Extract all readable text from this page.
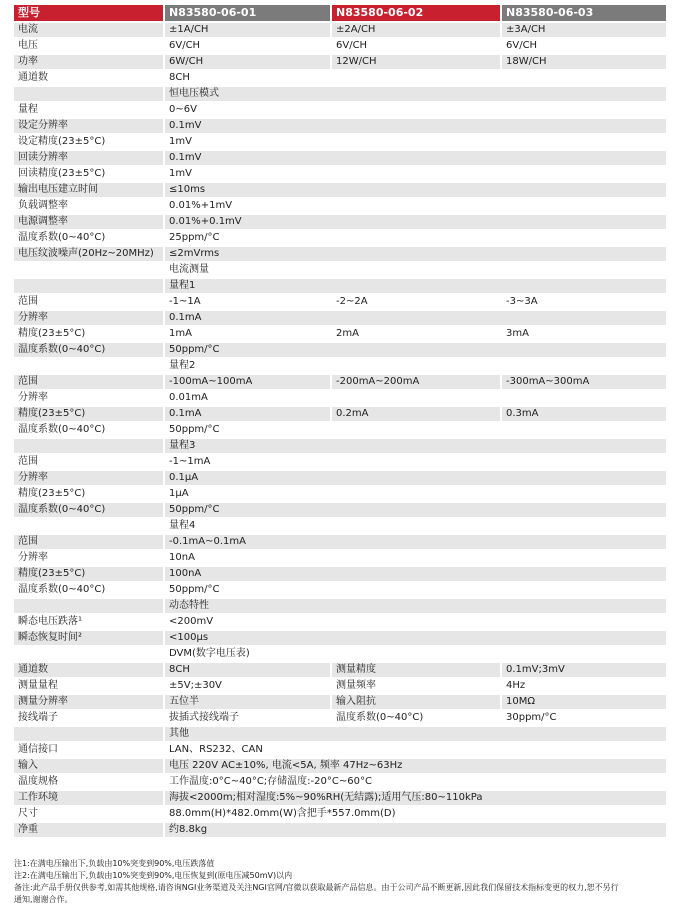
型号	N83580-06-01	N83580-06-02	N83580-06-03
电流	±1A/CH	±2A/CH	±3A/CH
电压	6V/CH	6V/CH	6V/CH
功率	6W/CH	12W/CH	18W/CH
通道数	8CH		
	恒电压模式		
量程	0~6V		
设定分辨率	0.1mV		
设定精度(23±5°C)	1mV		
回读分辨率	0.1mV		
回读精度(23±5°C)	1mV		
输出电压建立时间	≤10ms		
负载调整率	0.01%+1mV		
电源调整率	0.01%+0.1mV		
温度系数(0~40°C)	25ppm/°C		
电压纹波噪声(20Hz~20MHz)	≤2mVrms		
	电流测量		
	量程1		
范围	-1~1A	-2~2A	-3~3A
分辨率	0.1mA		
精度(23±5°C)	1mA	2mA	3mA
温度系数(0~40°C)	50ppm/°C		
	量程2		
范围	-100mA~100mA	-200mA~200mA	-300mA~300mA
分辨率	0.01mA		
精度(23±5°C)	0.1mA	0.2mA	0.3mA
温度系数(0~40°C)	50ppm/°C		
	量程3		
范围	-1~1mA		
分辨率	0.1μA		
精度(23±5°C)	1μA		
温度系数(0~40°C)	50ppm/°C		
	量程4		
范围	-0.1mA~0.1mA		
分辨率	10nA		
精度(23±5°C)	100nA		
温度系数(0~40°C)	50ppm/°C		
	动态特性		
瞬态电压跌落¹	<200mV		
瞬态恢复时间²	<100μs		
	DVM(数字电压表)		
通道数	8CH	测量精度	0.1mV;3mV
测量量程	±5V;±30V	测量频率	4Hz
测量分辨率	五位半	输入阻抗	10MΩ
接线端子	拔插式接线端子	温度系数(0~40°C)	30ppm/°C
	其他		
通信接口	LAN、RS232、CAN		
输入	电压 220V AC±10%, 电流<5A, 频率 47Hz~63Hz		
温度规格	工作温度:0°C~40°C;存储温度:-20°C~60°C		
工作环境	海拔<2000m;相对湿度:5%~90%RH(无结露);适用气压:80~110kPa		
尺寸	88.0mm(H)*482.0mm(W)含把手*557.0mm(D)		
净重	约8.8kg		
注1:在满电压输出下,负载由10%突变到90%,电压跌落值
注2:在满电压输出下,负载由10%突变到90%,电压恢复到(原电压减50mV)以内
备注:此产品手册仅供参考,如需其他规格,请咨询NGI业务渠道及关注NGI官网/官微以获取最新产品信息。由于公司产品不断更新,因此我们保留技术指标变更的权力,恕不另行
通知,谢谢合作。
